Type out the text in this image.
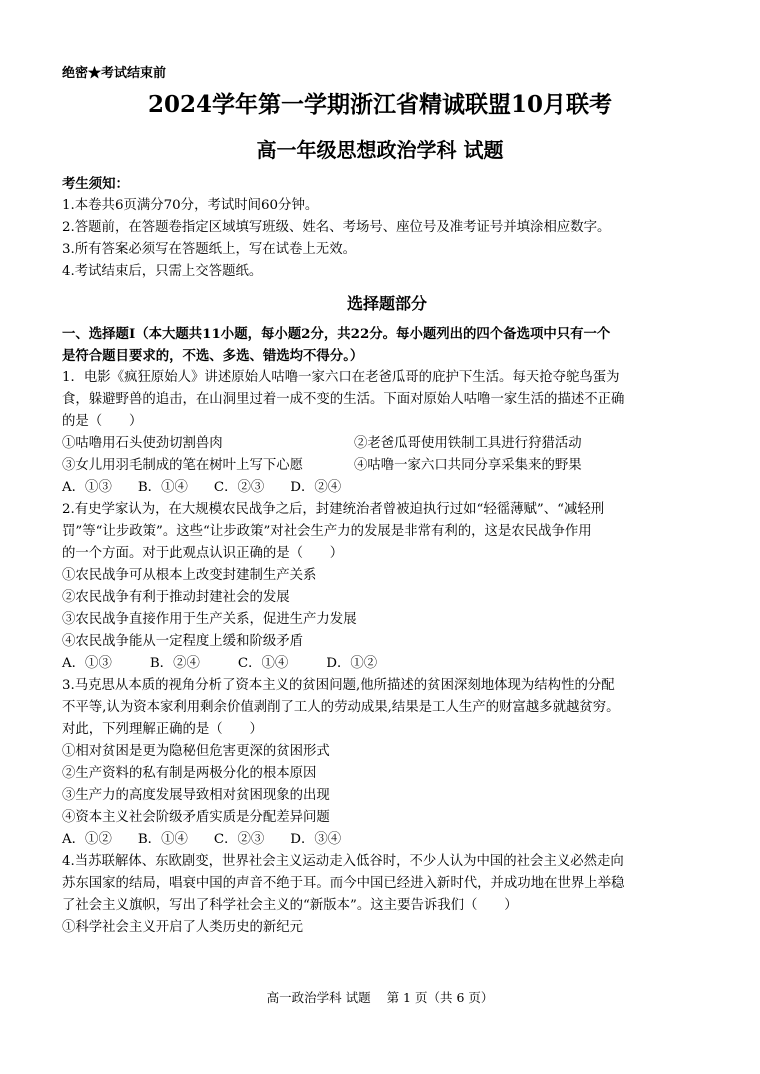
绝密★考试结束前
2024学年第一学期浙江省精诚联盟10月联考
高一年级思想政治学科 试题
考生须知：
1.本卷共6页满分70分，考试时间60分钟。
2.答题前，在答题卷指定区域填写班级、姓名、考场号、座位号及准考证号并填涂相应数字。
3.所有答案必须写在答题纸上，写在试卷上无效。
4.考试结束后，只需上交答题纸。
选择题部分
一、选择题Ⅰ（本大题共11小题，每小题2分，共22分。每小题列出的四个备选项中只有一个
是符合题目要求的，不选、多选、错选均不得分。）
1．电影《疯狂原始人》讲述原始人咕噜一家六口在老爸瓜哥的庇护下生活。每天抢夺鸵鸟蛋为
食，躲避野兽的追击，在山洞里过着一成不变的生活。下面对原始人咕噜一家生活的描述不正确
的是（　　）
①咕噜用石头使劲切割兽肉	②老爸瓜哥使用铁制工具进行狩猎活动
③女儿用羽毛制成的笔在树叶上写下心愿	④咕噜一家六口共同分享采集来的野果
A．①③ B．①④ C．②③ D．②④
2.有史学家认为，在大规模农民战争之后，封建统治者曾被迫执行过如“轻徭薄赋”、“减轻刑
罚”等“让步政策”。这些“让步政策”对社会生产力的发展是非常有利的，这是农民战争作用
的一个方面。对于此观点认识正确的是（　　）
①农民战争可从根本上改变封建制生产关系
②农民战争有利于推动封建社会的发展
③农民战争直接作用于生产关系，促进生产力发展
④农民战争能从一定程度上缓和阶级矛盾
A．①③	B．②④	C．①④	D．①②
3.马克思从本质的视角分析了资本主义的贫困问题,他所描述的贫困深刻地体现为结构性的分配
不平等,认为资本家利用剩余价值剥削了工人的劳动成果,结果是工人生产的财富越多就越贫穷。
对此，下列理解正确的是（　　）
①相对贫困是更为隐秘但危害更深的贫困形式
②生产资料的私有制是两极分化的根本原因
③生产力的高度发展导致相对贫困现象的出现
④资本主义社会阶级矛盾实质是分配差异问题
A．①② B．①④ C．②③ D．③④
4.当苏联解体、东欧剧变，世界社会主义运动走入低谷时，不少人认为中国的社会主义必然走向
苏东国家的结局，唱衰中国的声音不绝于耳。而今中国已经进入新时代，并成功地在世界上举稳
了社会主义旗帜，写出了科学社会主义的“新版本”。这主要告诉我们（　　）
①科学社会主义开启了人类历史的新纪元
高一政治学科 试题 第 1 页（共 6 页）
